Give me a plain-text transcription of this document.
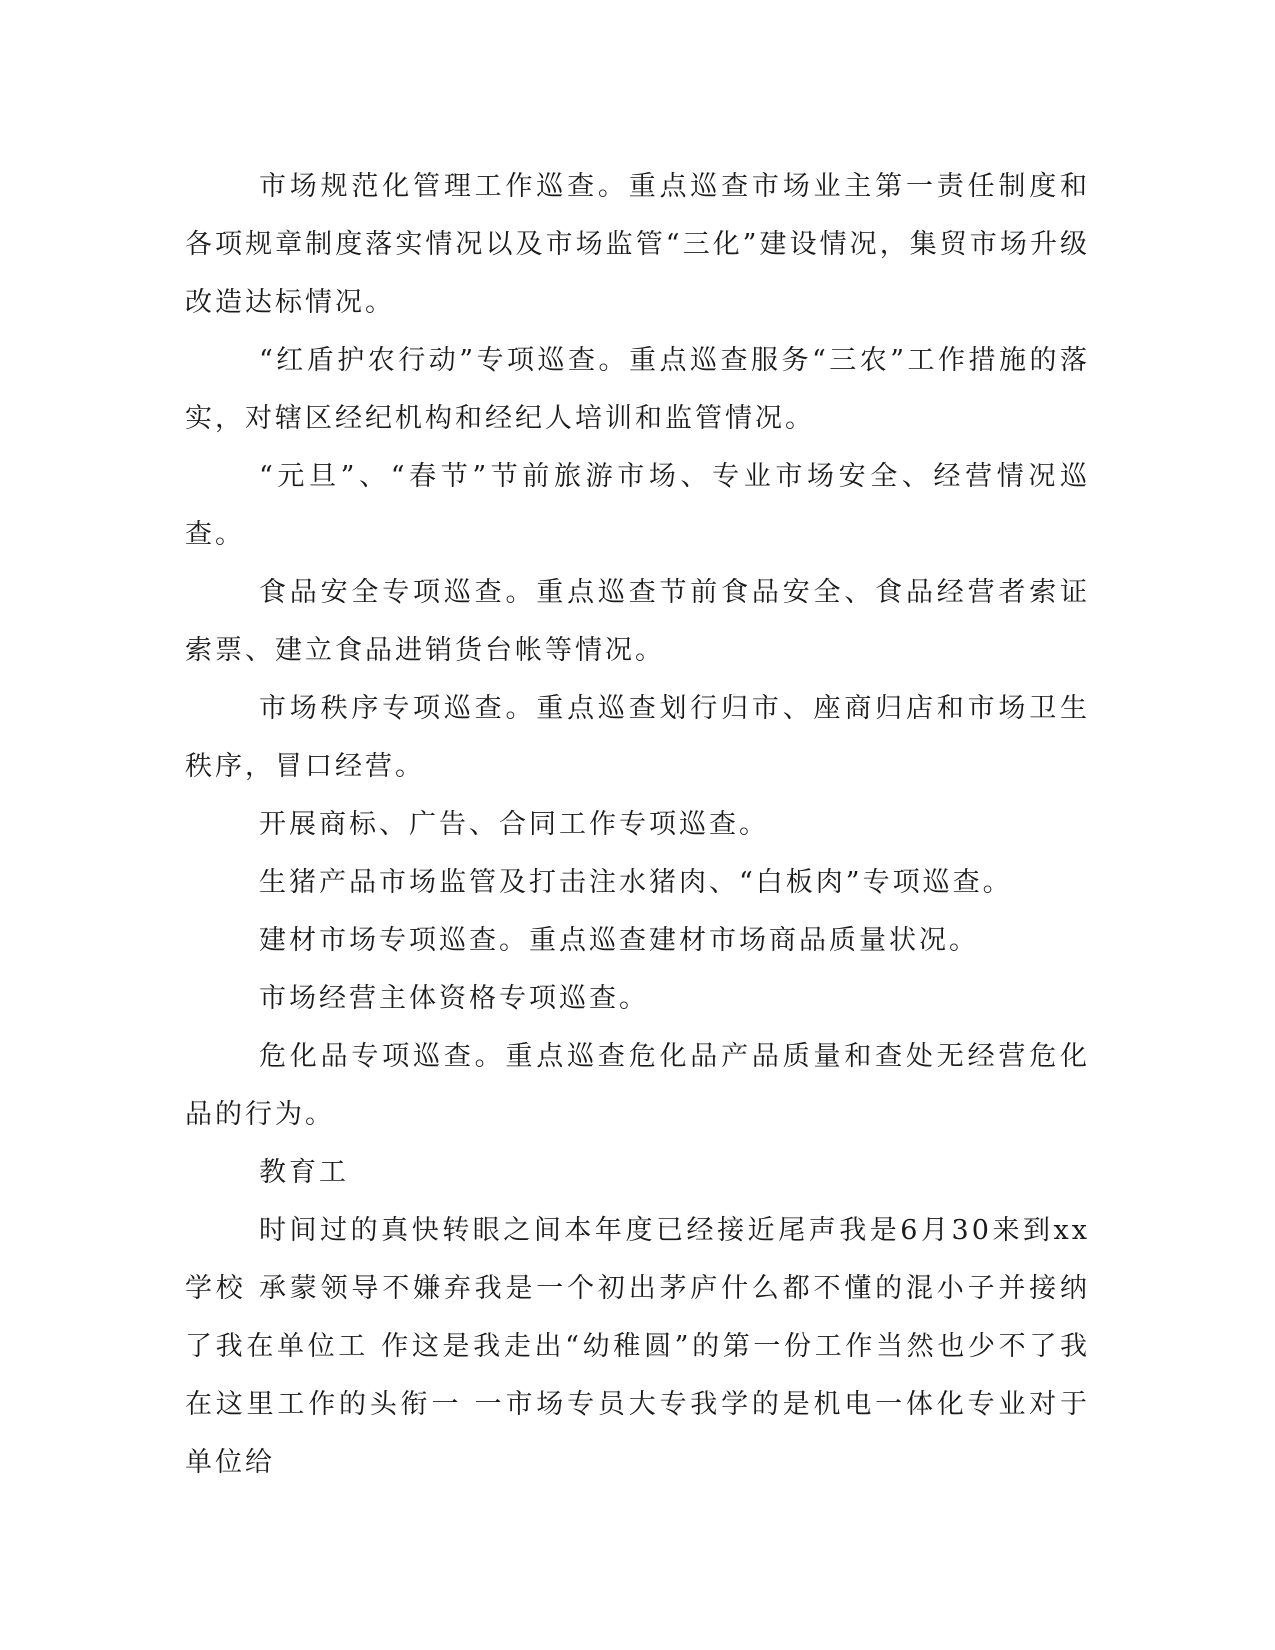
市场规范化管理工作巡查。重点巡查市场业主第一责任制度和各项规章制度落实情况以及市场监管“三化”建设情况，集贸市场升级改造达标情况。

“红盾护农行动”专项巡查。重点巡查服务“三农”工作措施的落实，对辖区经纪机构和经纪人培训和监管情况。

“元旦”、“春节”节前旅游市场、专业市场安全、经营情况巡查。

食品安全专项巡查。重点巡查节前食品安全、食品经营者索证索票、建立食品进销货台帐等情况。

市场秩序专项巡查。重点巡查划行归市、座商归店和市场卫生秩序，冒口经营。

开展商标、广告、合同工作专项巡查。

生猪产品市场监管及打击注水猪肉、“白板肉”专项巡查。

建材市场专项巡查。重点巡查建材市场商品质量状况。

市场经营主体资格专项巡查。

危化品专项巡查。重点巡查危化品产品质量和查处无经营危化品的行为。

教育工

时间过的真快转眼之间本年度已经接近尾声我是6月30来到xx学校 承蒙领导不嫌弃我是一个初出茅庐什么都不懂的混小子并接纳了我在单位工 作这是我走出“幼稚圆”的第一份工作当然也少不了我在这里工作的头衔一 一市场专员大专我学的是机电一体化专业对于单位给
